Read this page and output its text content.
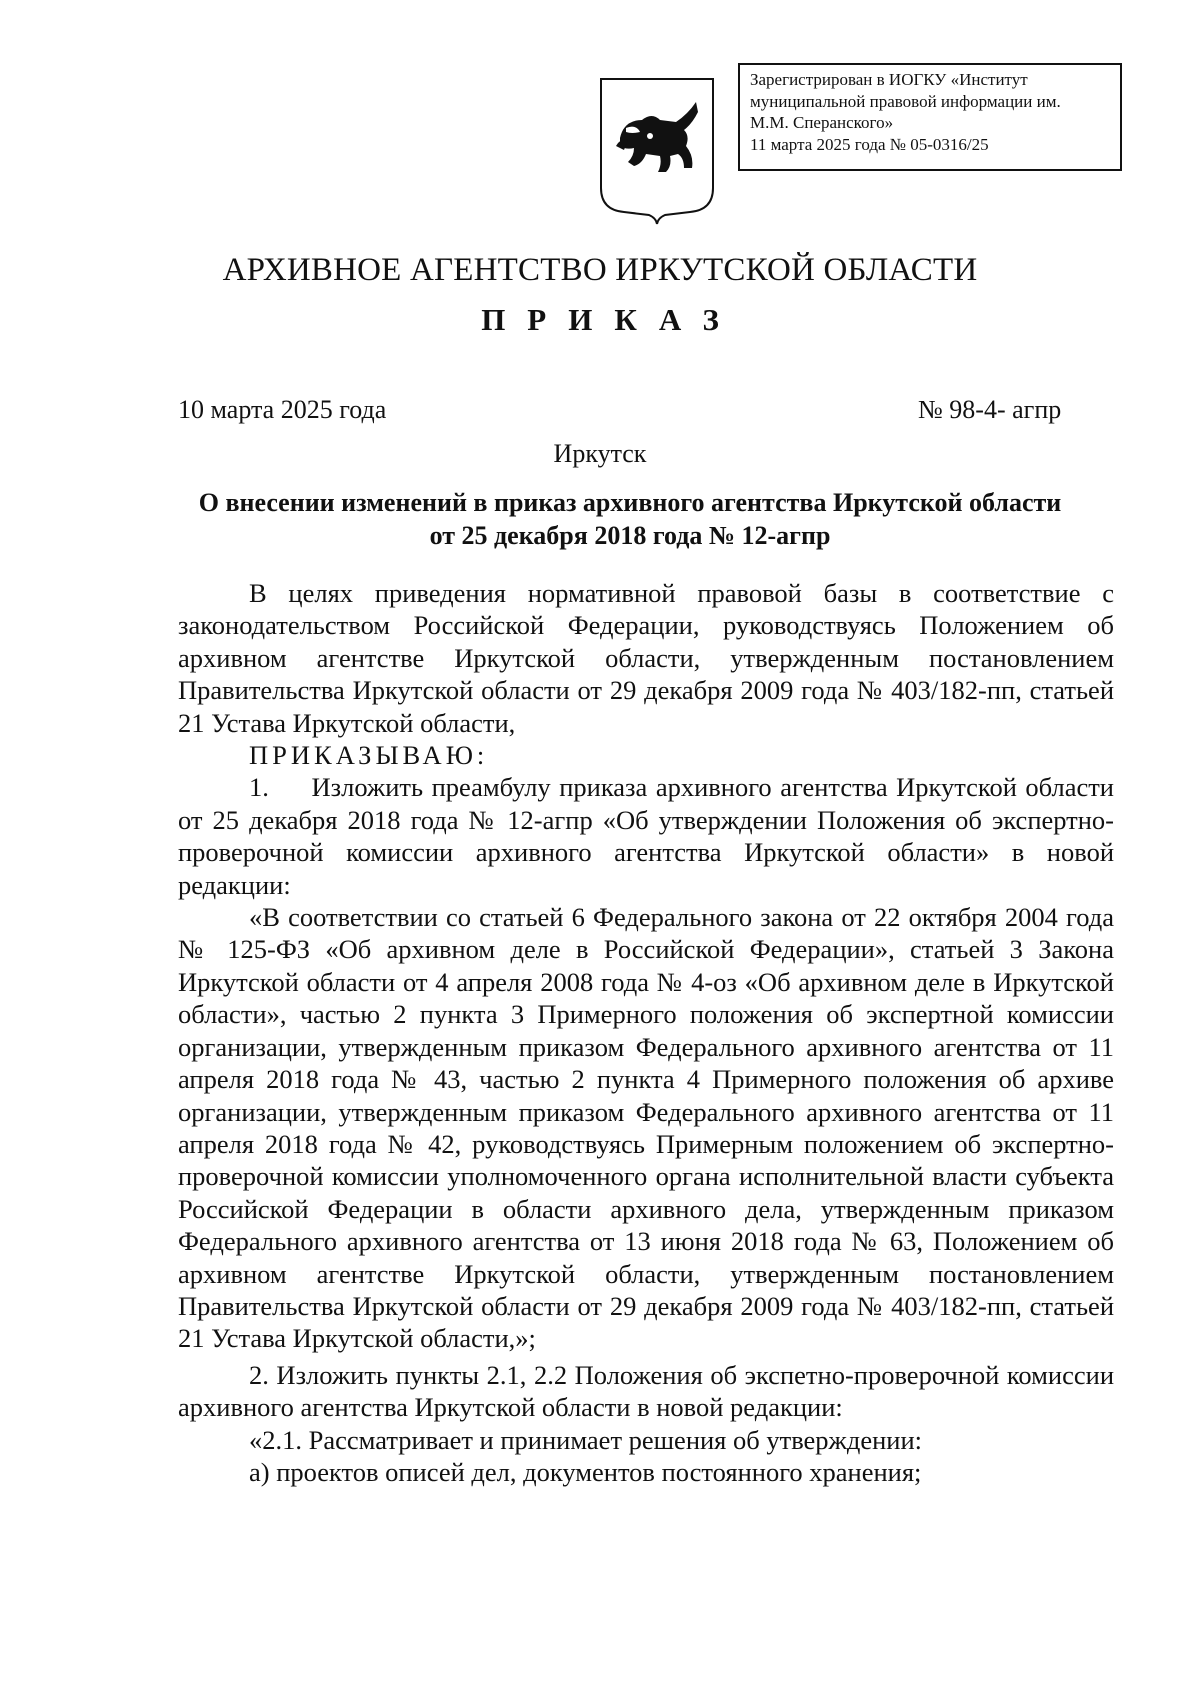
Зарегистрирован в ИОГКУ «Институт
муниципальной правовой информации им.
М.М. Сперанского»
11 марта 2025 года № 05-0316/25
АРХИВНОЕ АГЕНТСТВО ИРКУТСКОЙ ОБЛАСТИ
ПРИКАЗ
10 марта 2025 года	№ 98-4- агпр
Иркутск
О внесении изменений в приказ архивного агентства Иркутской области
от 25 декабря 2018 года № 12-агпр

В целях приведения нормативной правовой базы в соответствие с законодательством Российской Федерации, руководствуясь Положением об архивном агентстве Иркутской области, утвержденным постановлением Правительства Иркутской области от 29 декабря 2009 года № 403/182-пп, статьей 21 Устава Иркутской области,

ПРИКАЗЫВАЮ:

1.     Изложить преамбулу приказа архивного агентства Иркутской области от 25 декабря 2018 года № 12-агпр «Об утверждении Положения об экспертно-проверочной комиссии архивного агентства Иркутской области» в новой редакции:

«В соответствии со статьей 6 Федерального закона от 22 октября 2004 года № 125-ФЗ «Об архивном деле в Российской Федерации», статьей 3 Закона Иркутской области от 4 апреля 2008 года № 4-оз «Об архивном деле в Иркутской области», частью 2 пункта 3 Примерного положения об экспертной комиссии организации, утвержденным приказом Федерального архивного агентства от 11 апреля 2018 года № 43, частью 2 пункта 4 Примерного положения об архиве организации, утвержденным приказом Федерального архивного агентства от 11 апреля 2018 года № 42, руководствуясь Примерным положением об экспертно-проверочной комиссии уполномоченного органа исполнительной власти субъекта Российской Федерации в области архивного дела, утвержденным приказом Федерального архивного агентства от 13 июня 2018 года № 63, Положением об архивном агентстве Иркутской области, утвержденным постановлением Правительства Иркутской области от 29 декабря 2009 года № 403/182-пп, статьей 21 Устава Иркутской области,»;

2. Изложить пункты 2.1, 2.2 Положения об экспетно-проверочной комиссии архивного агентства Иркутской области в новой редакции:

«2.1. Рассматривает и принимает решения об утверждении:

а) проектов описей дел, документов постоянного хранения;
